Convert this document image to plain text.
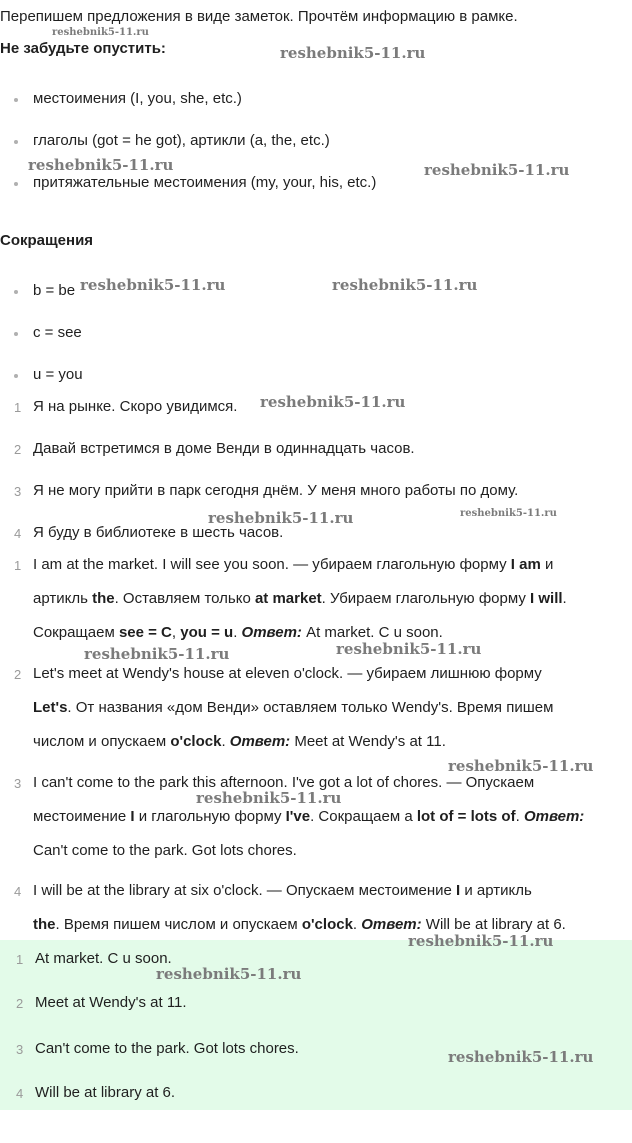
Перепишем предложения в виде заметок. Прочтём информацию в рамке.
Не забудьте опустить:
местоимения (I, you, she, etc.)
глаголы (got = he got), артикли (a, the, etc.)
притяжательные местоимения (my, your, his, etc.)
Сокращения
b = be
c = see
u = you
1 Я на рынке. Скоро увидимся.
2 Давай встретимся в доме Венди в одиннадцать часов.
3 Я не могу прийти в парк сегодня днём. У меня много работы по дому.
4 Я буду в библиотеке в шесть часов.
1 I am at the market. I will see you soon. — убираем глагольную форму I am и
артикль the. Оставляем только at market. Убираем глагольную форму I will.
Сокращаем see = C, you = u. Ответ: At market. C u soon.
2 Let's meet at Wendy's house at eleven o'clock. — убираем лишнюю форму
Let's. От названия «дом Венди» оставляем только Wendy's. Время пишем
числом и опускаем o'clock. Ответ: Meet at Wendy's at 11.
3 I can't come to the park this afternoon. I've got a lot of chores. — Опускаем
местоимение I и глагольную форму I've. Сокращаем а lot of = lots of. Ответ:
Can't come to the park. Got lots chores.
4 I will be at the library at six o'clock. — Опускаем местоимение I и артикль
the. Время пишем числом и опускаем o'clock. Ответ: Will be at library at 6.
1 At market. C u soon.
2 Meet at Wendy's at 11.
3 Can't come to the park. Got lots chores.
4 Will be at library at 6.
reshebnik5-11.ru
reshebnik5-11.ru
reshebnik5-11.ru	reshebnik5-11.ru
reshebnik5-11.ru	reshebnik5-11.ru
reshebnik5-11.ru
reshebnik5-11.ru	reshebnik5-11.ru
reshebnik5-11.ru	reshebnik5-11.ru
reshebnik5-11.ru
reshebnik5-11.ru
reshebnik5-11.ru
reshebnik5-11.ru
reshebnik5-11.ru
